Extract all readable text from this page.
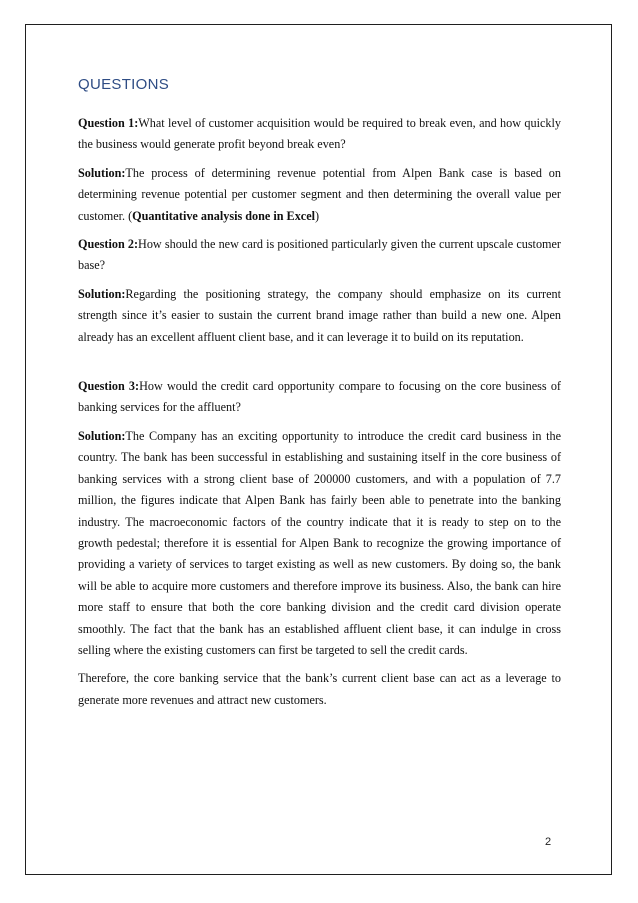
QUESTIONS

Question 1:What level of customer acquisition would be required to break even, and how quickly the business would generate profit beyond break even?

Solution:The process of determining revenue potential from Alpen Bank case is based on determining revenue potential per customer segment and then determining the overall value per customer. (Quantitative analysis done in Excel)

Question 2:How should the new card is positioned particularly given the current upscale customer base?

Solution:Regarding the positioning strategy, the company should emphasize on its current strength since it’s easier to sustain the current brand image rather than build a new one. Alpen already has an excellent affluent client base, and it can leverage it to build on its reputation.

Question 3:How would the credit card opportunity compare to focusing on the core business of banking services for the affluent?

Solution:The Company has an exciting opportunity to introduce the credit card business in the country. The bank has been successful in establishing and sustaining itself in the core business of banking services with a strong client base of 200000 customers, and with a population of 7.7 million, the figures indicate that Alpen Bank has fairly been able to penetrate into the banking industry. The macroeconomic factors of the country indicate that it is ready to step on to the growth pedestal; therefore it is essential for Alpen Bank to recognize the growing importance of providing a variety of services to target existing as well as new customers. By doing so, the bank will be able to acquire more customers and therefore improve its business. Also, the bank can hire more staff to ensure that both the core banking division and the credit card division operate smoothly. The fact that the bank has an established affluent client base, it can indulge in cross selling where the existing customers can first be targeted to sell the credit cards.

Therefore, the core banking service that the bank’s current client base can act as a leverage to generate more revenues and attract new customers.

2
